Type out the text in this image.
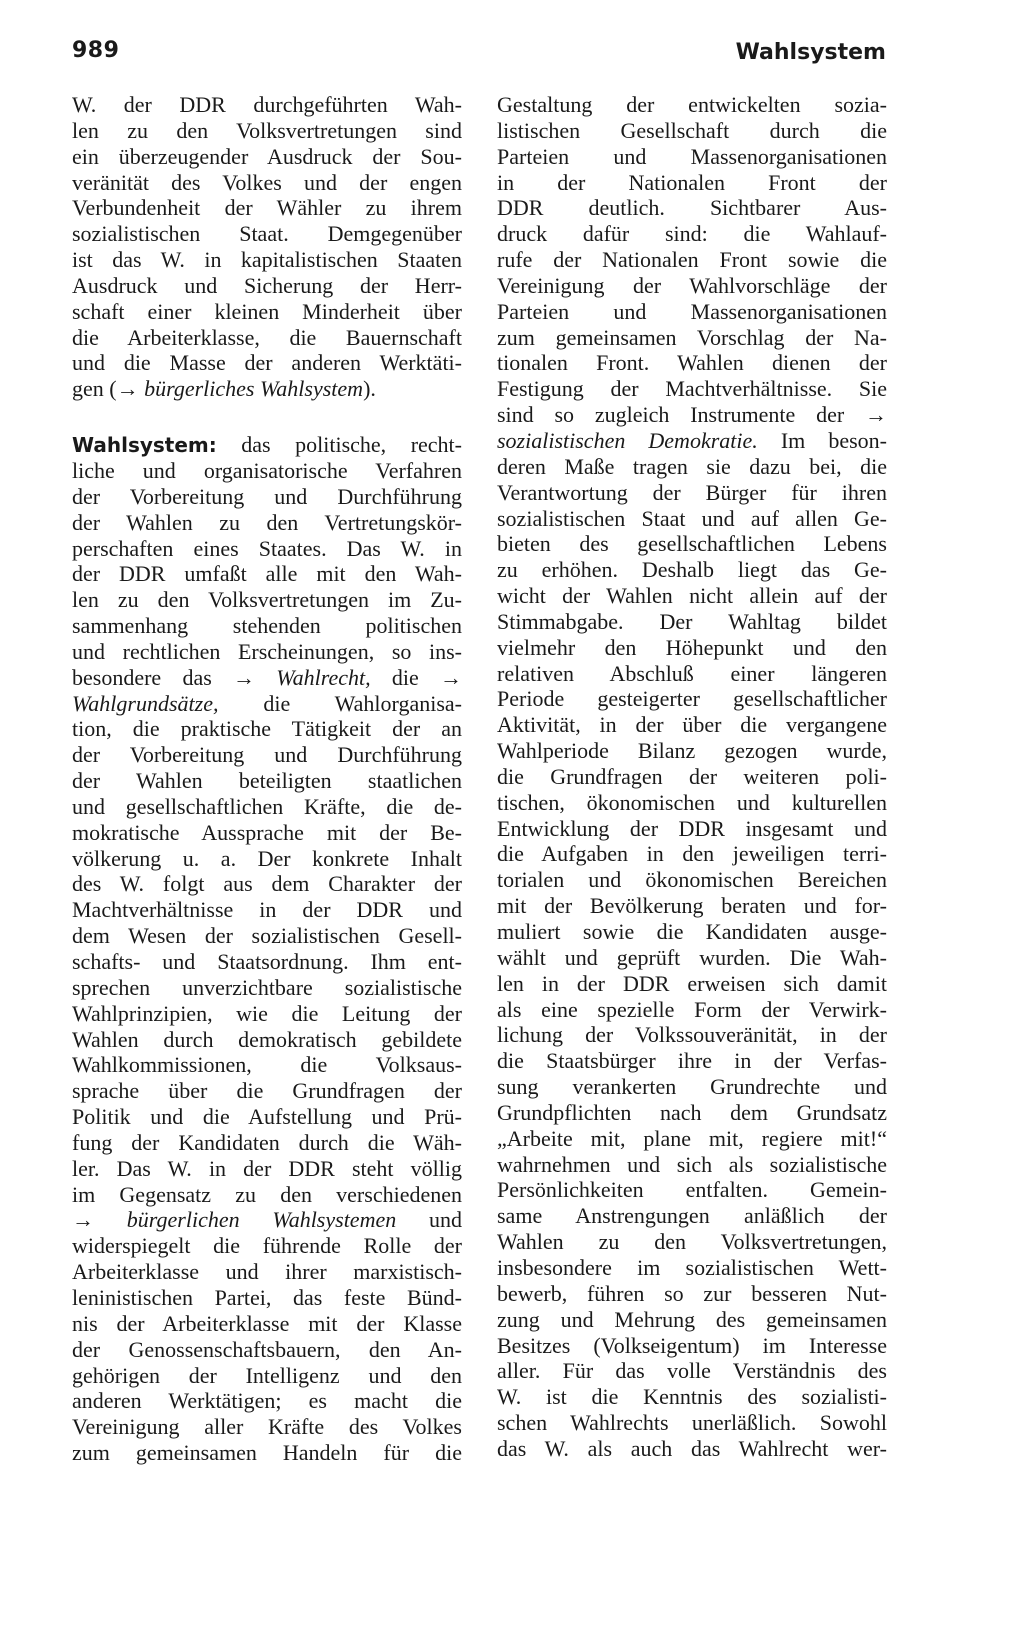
989	Wahlsystem
W. der DDR durchgeführten Wah-
len zu den Volksvertretungen sind
ein überzeugender Ausdruck der Sou-
veränität des Volkes und der engen
Verbundenheit der Wähler zu ihrem
sozialistischen Staat. Demgegenüber
ist das W. in kapitalistischen Staaten
Ausdruck und Sicherung der Herr-
schaft einer kleinen Minderheit über
die Arbeiterklasse, die Bauernschaft
und die Masse der anderen Werktäti-
gen (→ bürgerliches Wahlsystem).
Wahlsystem: das politische, recht-
liche und organisatorische Verfahren
der Vorbereitung und Durchführung
der Wahlen zu den Vertretungskör-
perschaften eines Staates. Das W. in
der DDR umfaßt alle mit den Wah-
len zu den Volksvertretungen im Zu-
sammenhang stehenden politischen
und rechtlichen Erscheinungen, so ins-
besondere das → Wahlrecht, die →
Wahlgrundsätze, die Wahlorganisa-
tion, die praktische Tätigkeit der an
der Vorbereitung und Durchführung
der Wahlen beteiligten staatlichen
und gesellschaftlichen Kräfte, die de-
mokratische Aussprache mit der Be-
völkerung u. a. Der konkrete Inhalt
des W. folgt aus dem Charakter der
Machtverhältnisse in der DDR und
dem Wesen der sozialistischen Gesell-
schafts- und Staatsordnung. Ihm ent-
sprechen unverzichtbare sozialistische
Wahlprinzipien, wie die Leitung der
Wahlen durch demokratisch gebildete
Wahlkommissionen, die Volksaus-
sprache über die Grundfragen der
Politik und die Aufstellung und Prü-
fung der Kandidaten durch die Wäh-
ler. Das W. in der DDR steht völlig
im Gegensatz zu den verschiedenen
→ bürgerlichen Wahlsystemen und
widerspiegelt die führende Rolle der
Arbeiterklasse und ihrer marxistisch-
leninistischen Partei, das feste Bünd-
nis der Arbeiterklasse mit der Klasse
der Genossenschaftsbauern, den An-
gehörigen der Intelligenz und den
anderen Werktätigen; es macht die
Vereinigung aller Kräfte des Volkes
zum gemeinsamen Handeln für die
Gestaltung der entwickelten sozia-
listischen Gesellschaft durch die
Parteien und Massenorganisationen
in der Nationalen Front der
DDR deutlich. Sichtbarer Aus-
druck dafür sind: die Wahlauf-
rufe der Nationalen Front sowie die
Vereinigung der Wahlvorschläge der
Parteien und Massenorganisationen
zum gemeinsamen Vorschlag der Na-
tionalen Front. Wahlen dienen der
Festigung der Machtverhältnisse. Sie
sind so zugleich Instrumente der →
sozialistischen Demokratie. Im beson-
deren Maße tragen sie dazu bei, die
Verantwortung der Bürger für ihren
sozialistischen Staat und auf allen Ge-
bieten des gesellschaftlichen Lebens
zu erhöhen. Deshalb liegt das Ge-
wicht der Wahlen nicht allein auf der
Stimmabgabe. Der Wahltag bildet
vielmehr den Höhepunkt und den
relativen Abschluß einer längeren
Periode gesteigerter gesellschaftlicher
Aktivität, in der über die vergangene
Wahlperiode Bilanz gezogen wurde,
die Grundfragen der weiteren poli-
tischen, ökonomischen und kulturellen
Entwicklung der DDR insgesamt und
die Aufgaben in den jeweiligen terri-
torialen und ökonomischen Bereichen
mit der Bevölkerung beraten und for-
muliert sowie die Kandidaten ausge-
wählt und geprüft wurden. Die Wah-
len in der DDR erweisen sich damit
als eine spezielle Form der Verwirk-
lichung der Volkssouveränität, in der
die Staatsbürger ihre in der Verfas-
sung verankerten Grundrechte und
Grundpflichten nach dem Grundsatz
„Arbeite mit, plane mit, regiere mit!“
wahrnehmen und sich als sozialistische
Persönlichkeiten entfalten. Gemein-
same Anstrengungen anläßlich der
Wahlen zu den Volksvertretungen,
insbesondere im sozialistischen Wett-
bewerb, führen so zur besseren Nut-
zung und Mehrung des gemeinsamen
Besitzes (Volkseigentum) im Interesse
aller. Für das volle Verständnis des
W. ist die Kenntnis des sozialisti-
schen Wahlrechts unerläßlich. Sowohl
das W. als auch das Wahlrecht wer-
